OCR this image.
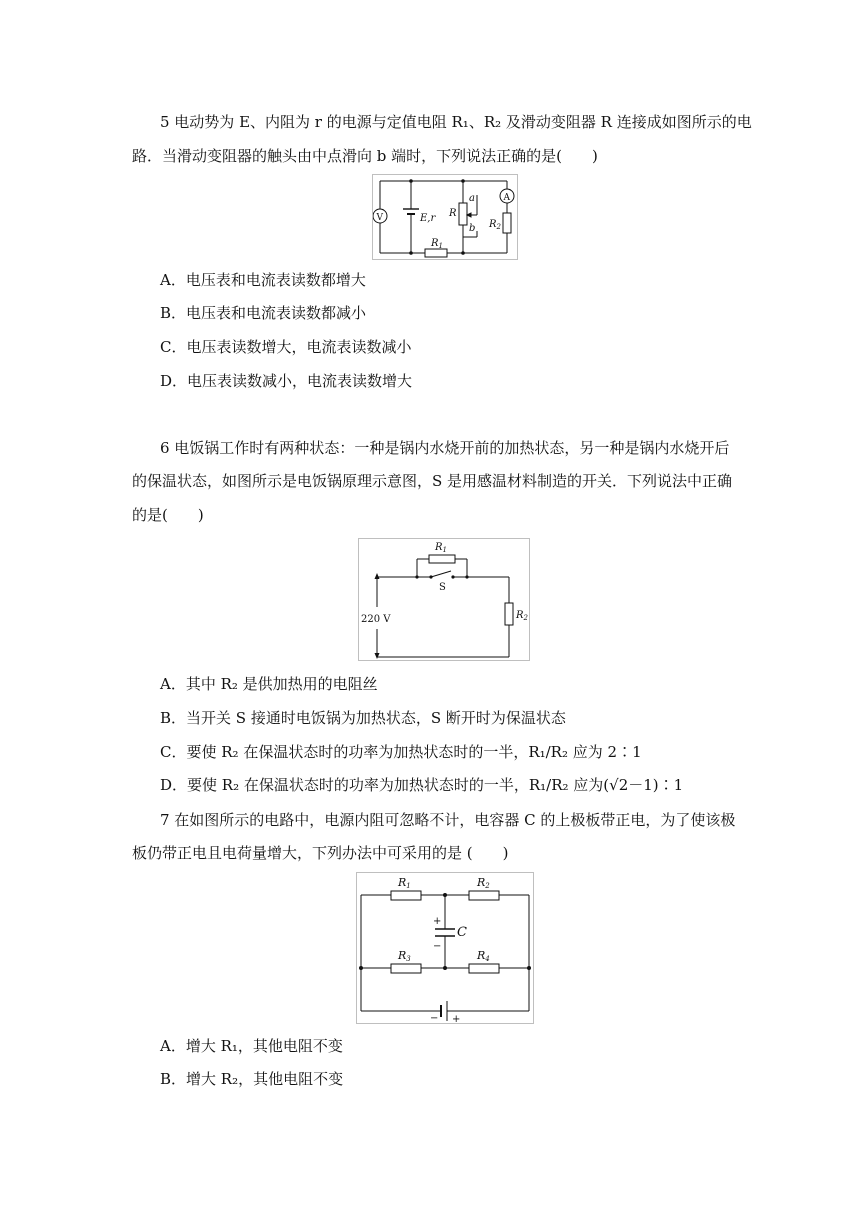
5 电动势为 E、内阻为 r 的电源与定值电阻 R₁、R₂ 及滑动变阻器 R 连接成如图所示的电
路．当滑动变阻器的触头由中点滑向 b 端时，下列说法正确的是(　　)
V
A
E,r R
a
b $R_2$
$R_1$
A．电压表和电流表读数都增大
B．电压表和电流表读数都减小
C．电压表读数增大，电流表读数减小
D．电压表读数减小，电流表读数增大
6 电饭锅工作时有两种状态：一种是锅内水烧开前的加热状态，另一种是锅内水烧开后
的保温状态，如图所示是电饭锅原理示意图，S 是用感温材料制造的开关．下列说法中正确
的是(　　)
$R_1$
S
220 V	$R_2$
A．其中 R₂ 是供加热用的电阻丝
B．当开关 S 接通时电饭锅为加热状态，S 断开时为保温状态
C．要使 R₂ 在保温状态时的功率为加热状态时的一半，R₁/R₂ 应为 2∶1
D．要使 R₂ 在保温状态时的功率为加热状态时的一半，R₁/R₂ 应为(√2－1)∶1
7 在如图所示的电路中，电源内阻可忽略不计，电容器 C 的上极板带正电，为了使该极
板仍带正电且电荷量增大，下列办法中可采用的是 (　　)
R1	R2
R3	R4
C
+
−
− +
A．增大 R₁，其他电阻不变
B．增大 R₂，其他电阻不变
